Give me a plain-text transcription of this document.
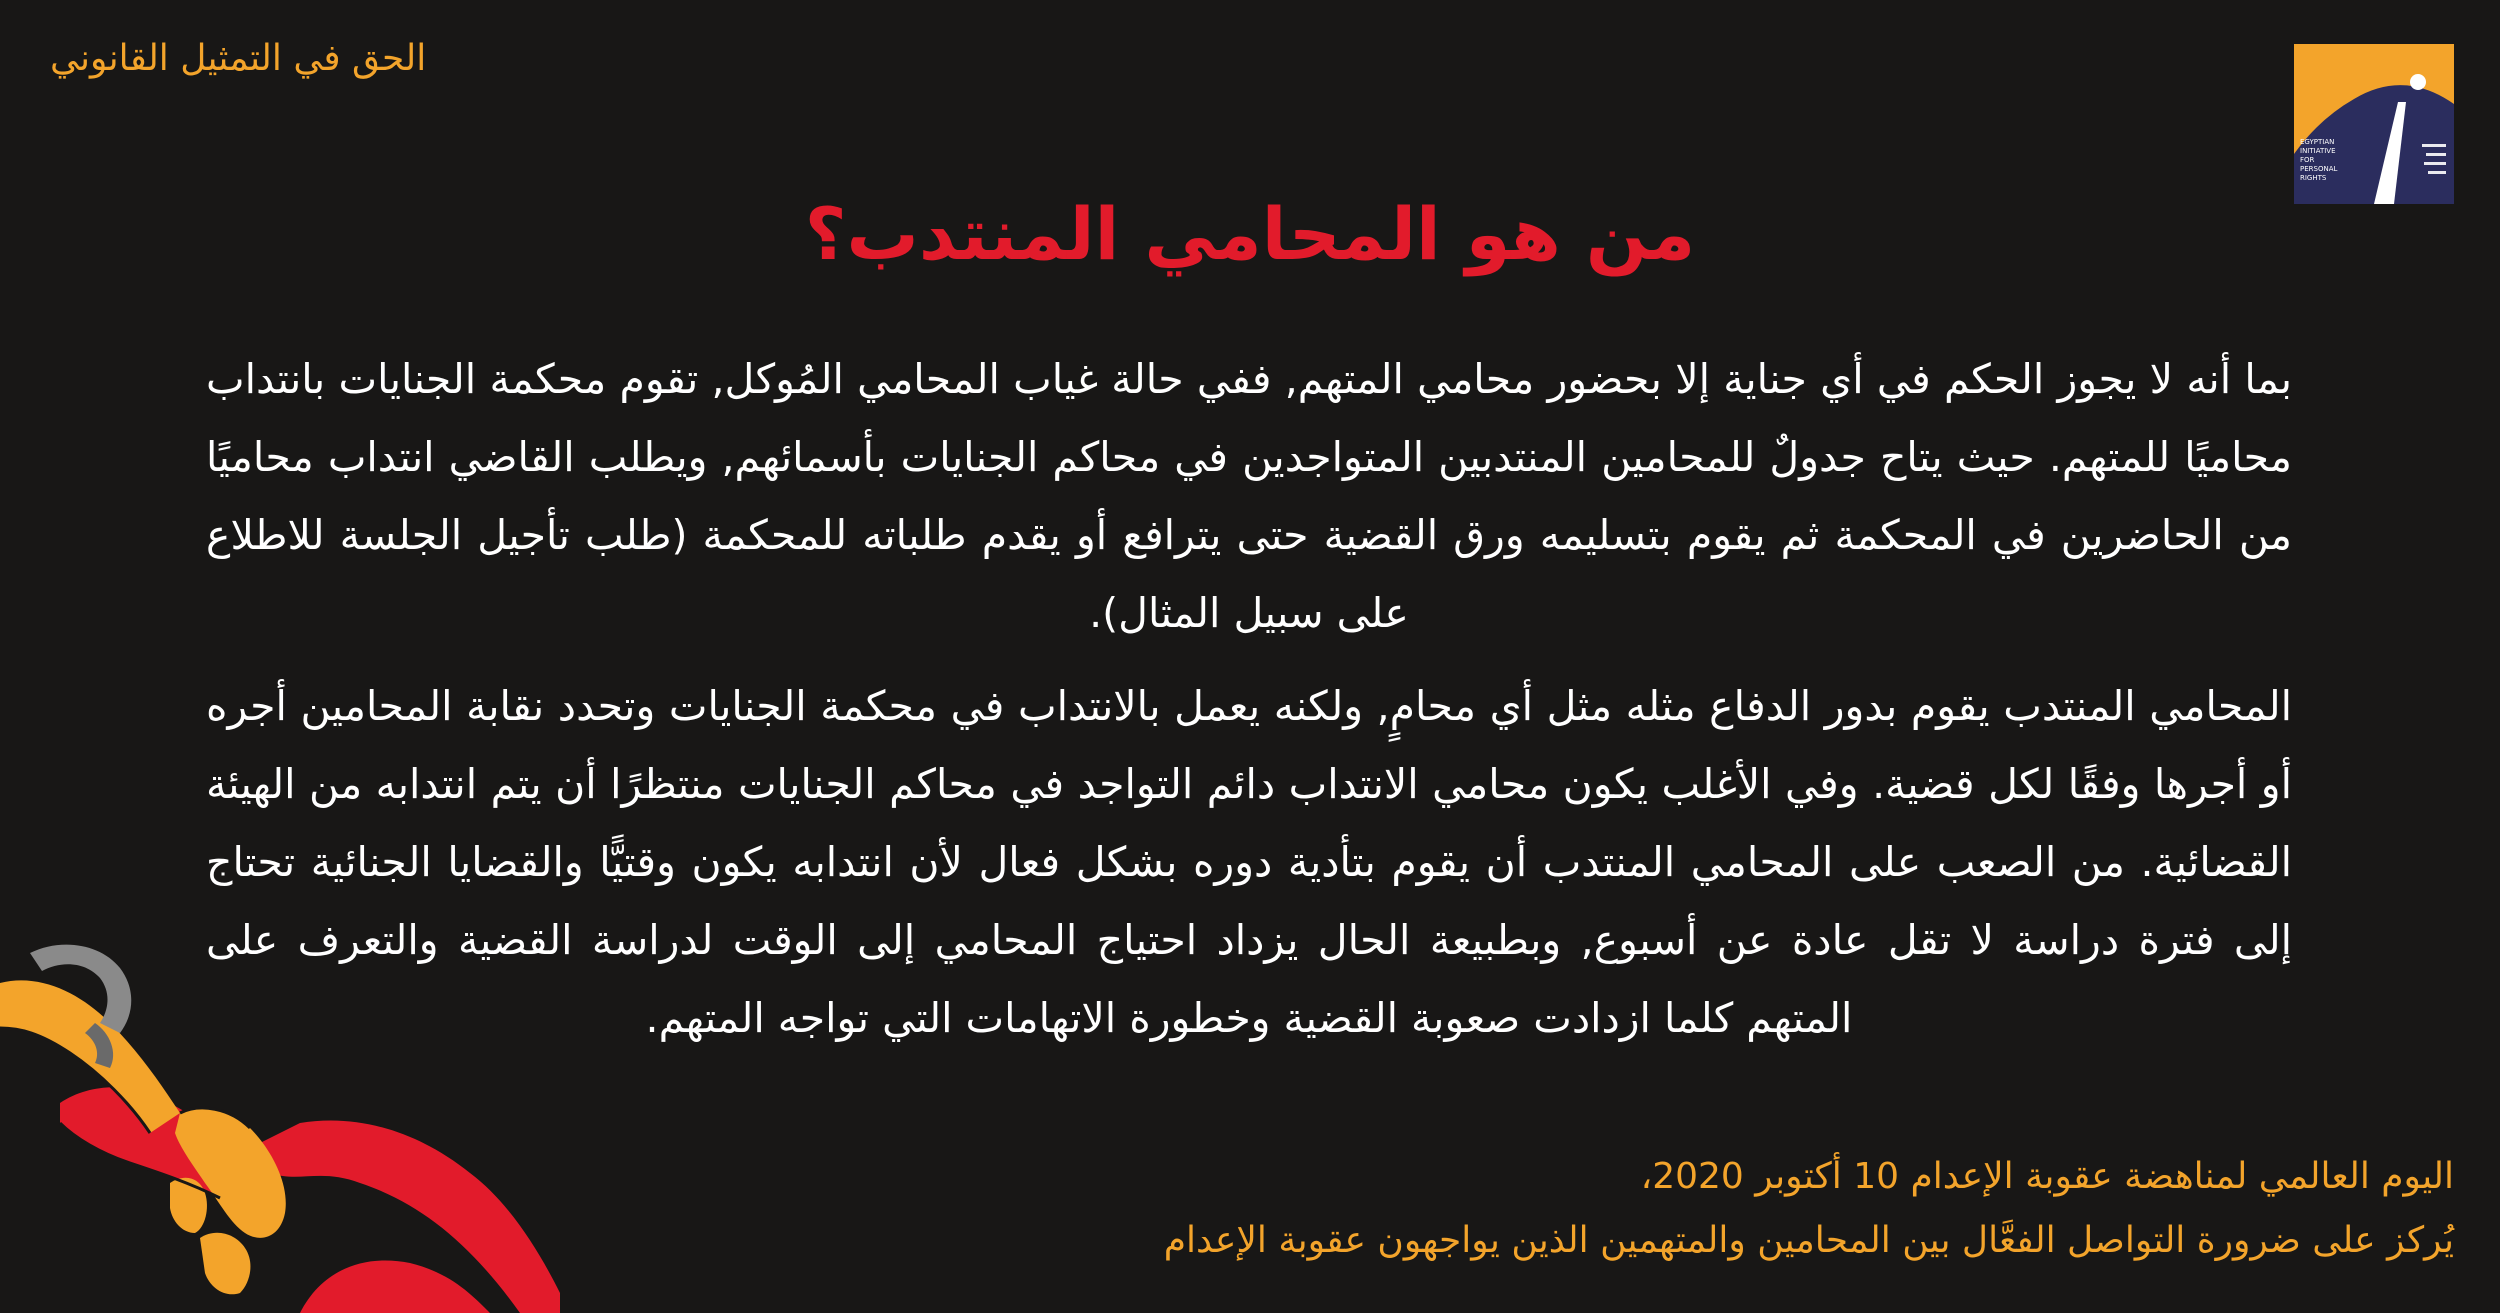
الحق في التمثيل القانوني
EGYPTIAN
INITIATIVE
FOR
PERSONAL
RIGHTS
من هو المحامي المنتدب؟

بما أنه لا يجوز الحكم في أي جناية إلا بحضور محامي المتهم, ففي حالة غياب المحامي المُوكل, تقوم محكمة الجنايات بانتداب محاميًا للمتهم. حيث يتاح جدولٌ للمحامين المنتدبين المتواجدين في محاكم الجنايات بأسمائهم, ويطلب القاضي انتداب محاميًا من الحاضرين في المحكمة ثم يقوم بتسليمه ورق القضية حتى يترافع أو يقدم طلباته للمحكمة (طلب تأجيل الجلسة للاطلاع على سبيل المثال).

المحامي المنتدب يقوم بدور الدفاع مثله مثل أي محامٍ, ولكنه يعمل بالانتداب في محكمة الجنايات وتحدد نقابة المحامين أجره أو أجرها وفقًا لكل قضية. وفي الأغلب يكون محامي الانتداب دائم التواجد في محاكم الجنايات منتظرًا أن يتم انتدابه من الهيئة القضائية. من الصعب على المحامي المنتدب أن يقوم بتأدية دوره بشكل فعال لأن انتدابه يكون وقتيًّا والقضايا الجنائية تحتاج إلى فترة دراسة لا تقل عادة عن أسبوع, وبطبيعة الحال يزداد احتياج المحامي إلى الوقت لدراسة القضية والتعرف على المتهم كلما ازدادت صعوبة القضية وخطورة الاتهامات التي تواجه المتهم.

اليوم العالمي لمناهضة عقوبة الإعدام 10 أكتوبر 2020،
يُركز على ضرورة التواصل الفعَّال بين المحامين والمتهمين الذين يواجهون عقوبة الإعدام
